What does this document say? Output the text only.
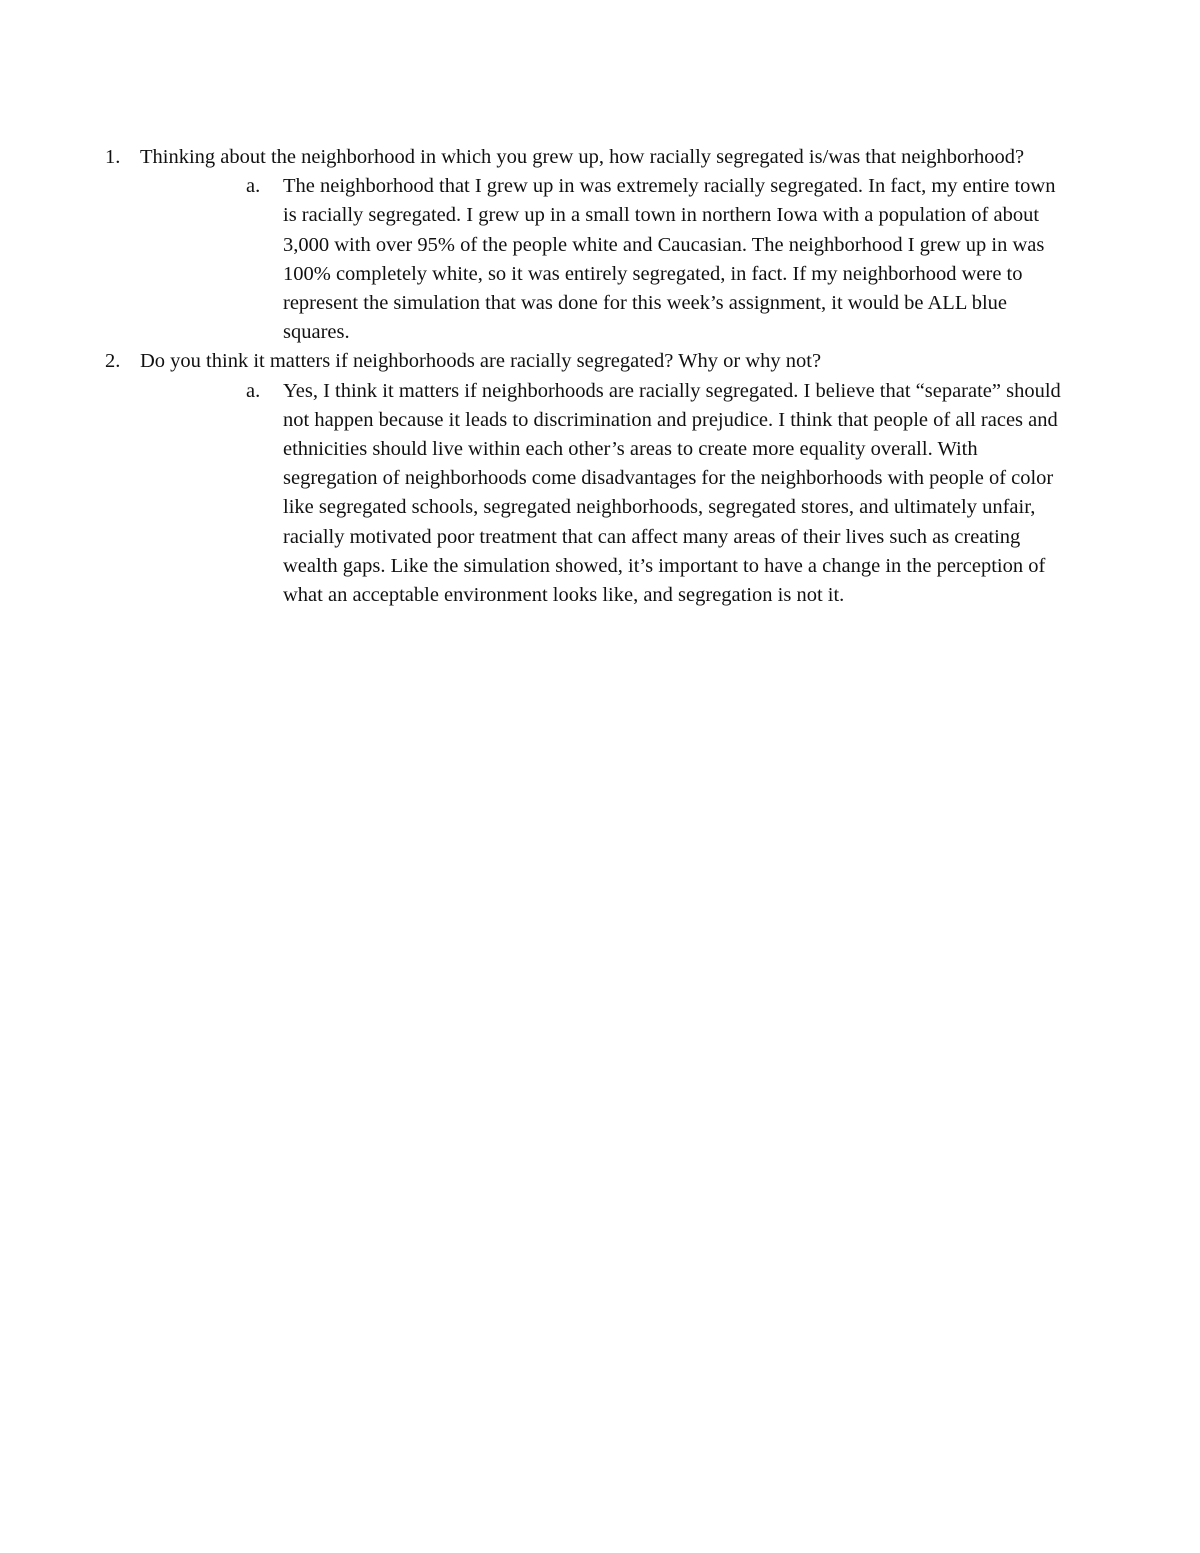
1. Thinking about the neighborhood in which you grew up, how racially segregated is/was that neighborhood?
a.	The neighborhood that I grew up in was extremely racially segregated. In fact, my entire town is racially segregated. I grew up in a small town in northern Iowa with a population of about 3,000 with over 95% of the people white and Caucasian. The neighborhood I grew up in was 100% completely white, so it was entirely segregated, in fact. If my neighborhood were to represent the simulation that was done for this week’s assignment, it would be ALL blue squares.
2. Do you think it matters if neighborhoods are racially segregated? Why or why not?
a.	Yes, I think it matters if neighborhoods are racially segregated. I believe that “separate” should not happen because it leads to discrimination and prejudice. I think that people of all races and ethnicities should live within each other’s areas to create more equality overall. With segregation of neighborhoods come disadvantages for the neighborhoods with people of color like segregated schools, segregated neighborhoods, segregated stores, and ultimately unfair, racially motivated poor treatment that can affect many areas of their lives such as creating wealth gaps. Like the simulation showed, it’s important to have a change in the perception of what an acceptable environment looks like, and segregation is not it.
